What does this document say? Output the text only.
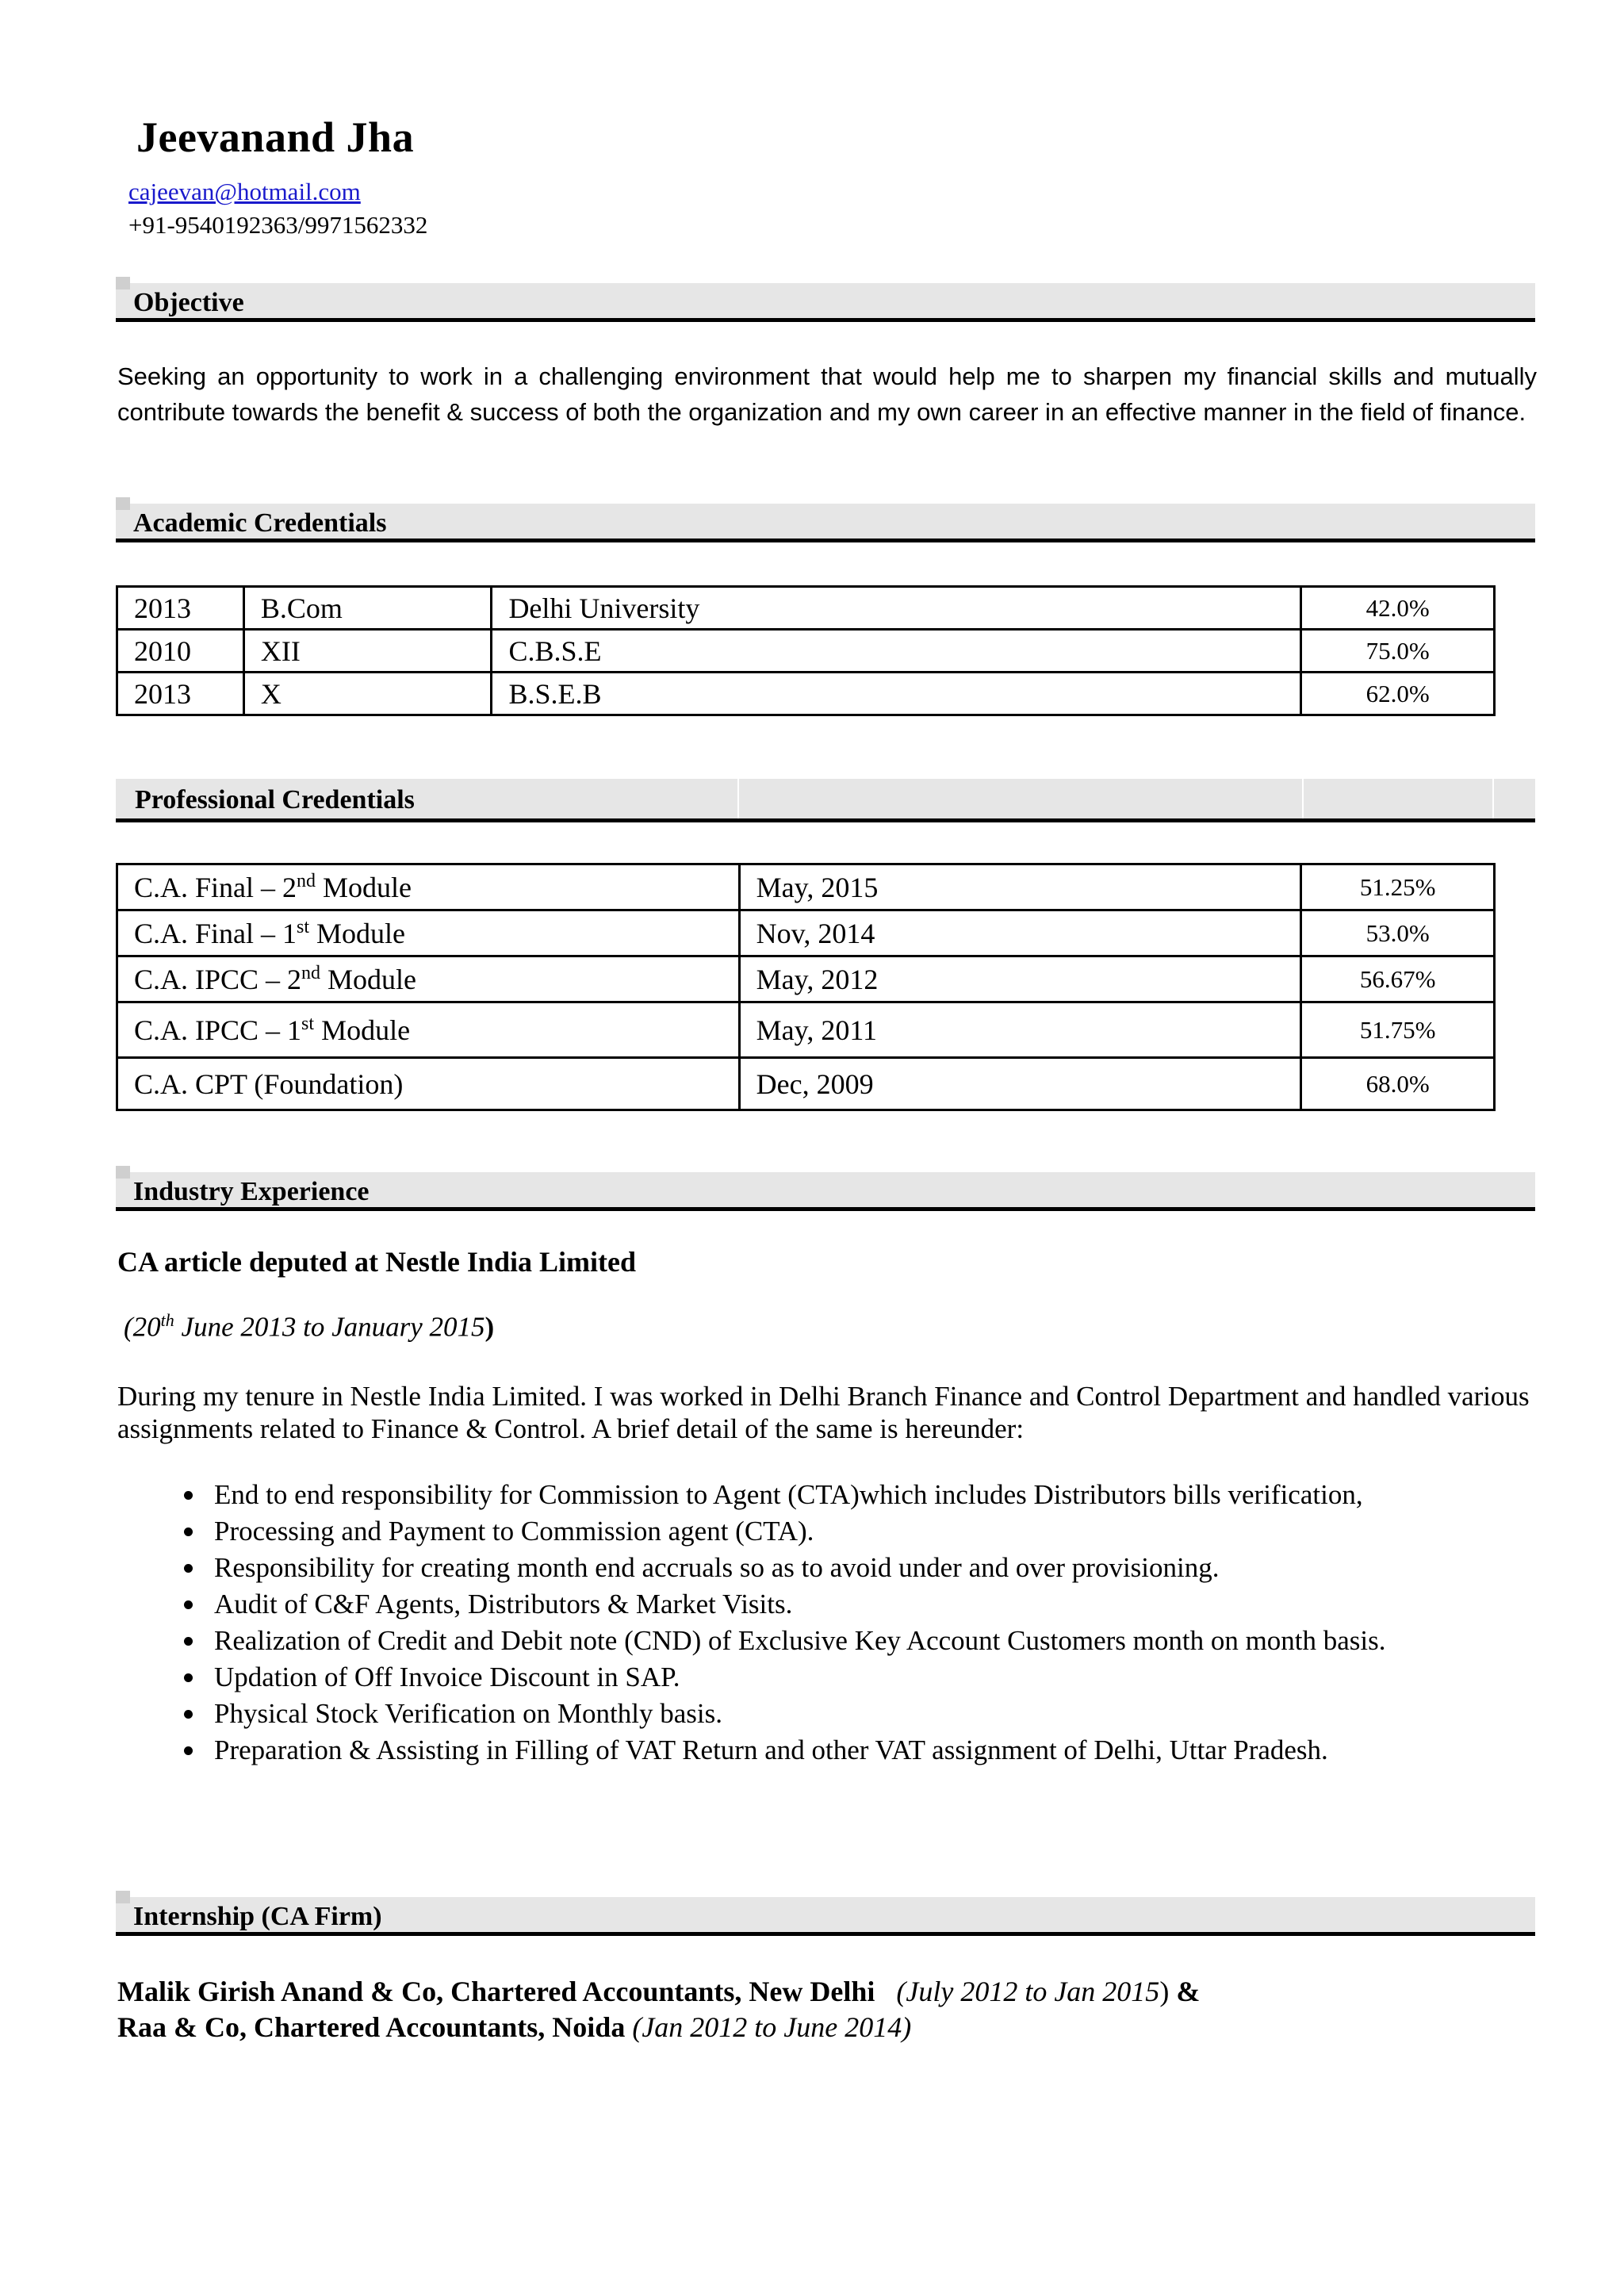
Jeevanand Jha
cajeevan@hotmail.com
+91-9540192363/9971562332
Objective
Seeking an opportunity to work in a challenging environment that would help me to sharpen my financial skills and mutually contribute towards the benefit & success of both the organization and my own career in an effective manner in the field of finance.
Academic Credentials
2013	B.Com	Delhi University	42.0%
2010	XII	C.B.S.E	75.0%
2013	X	B.S.E.B	62.0%
Professional Credentials
C.A. Final – 2nd Module	May, 2015	51.25%
C.A. Final – 1st Module	Nov, 2014	53.0%
C.A. IPCC – 2nd Module	May, 2012	56.67%
C.A. IPCC – 1st Module	May, 2011	51.75%
C.A. CPT (Foundation)	Dec, 2009	68.0%
Industry Experience
CA article deputed at Nestle India Limited
(20th June 2013 to January 2015)
During my tenure in Nestle India Limited. I was worked in Delhi Branch Finance and Control Department and handled various assignments related to Finance & Control. A brief detail of the same is hereunder:
End to end responsibility for Commission to Agent (CTA)which includes Distributors bills verification,
Processing and Payment to Commission agent (CTA).
Responsibility for creating month end accruals so as to avoid under and over provisioning.
Audit of C&F Agents, Distributors & Market Visits.
Realization of Credit and Debit note (CND) of Exclusive Key Account Customers month on month basis.
Updation of Off Invoice Discount in SAP.
Physical Stock Verification on Monthly basis.
Preparation & Assisting in Filling of VAT Return and other VAT assignment of Delhi, Uttar Pradesh.
Internship (CA Firm)
Malik Girish Anand & Co, Chartered Accountants, New Delhi (July 2012 to Jan 2015) &
Raa & Co, Chartered Accountants, Noida (Jan 2012 to June 2014)
